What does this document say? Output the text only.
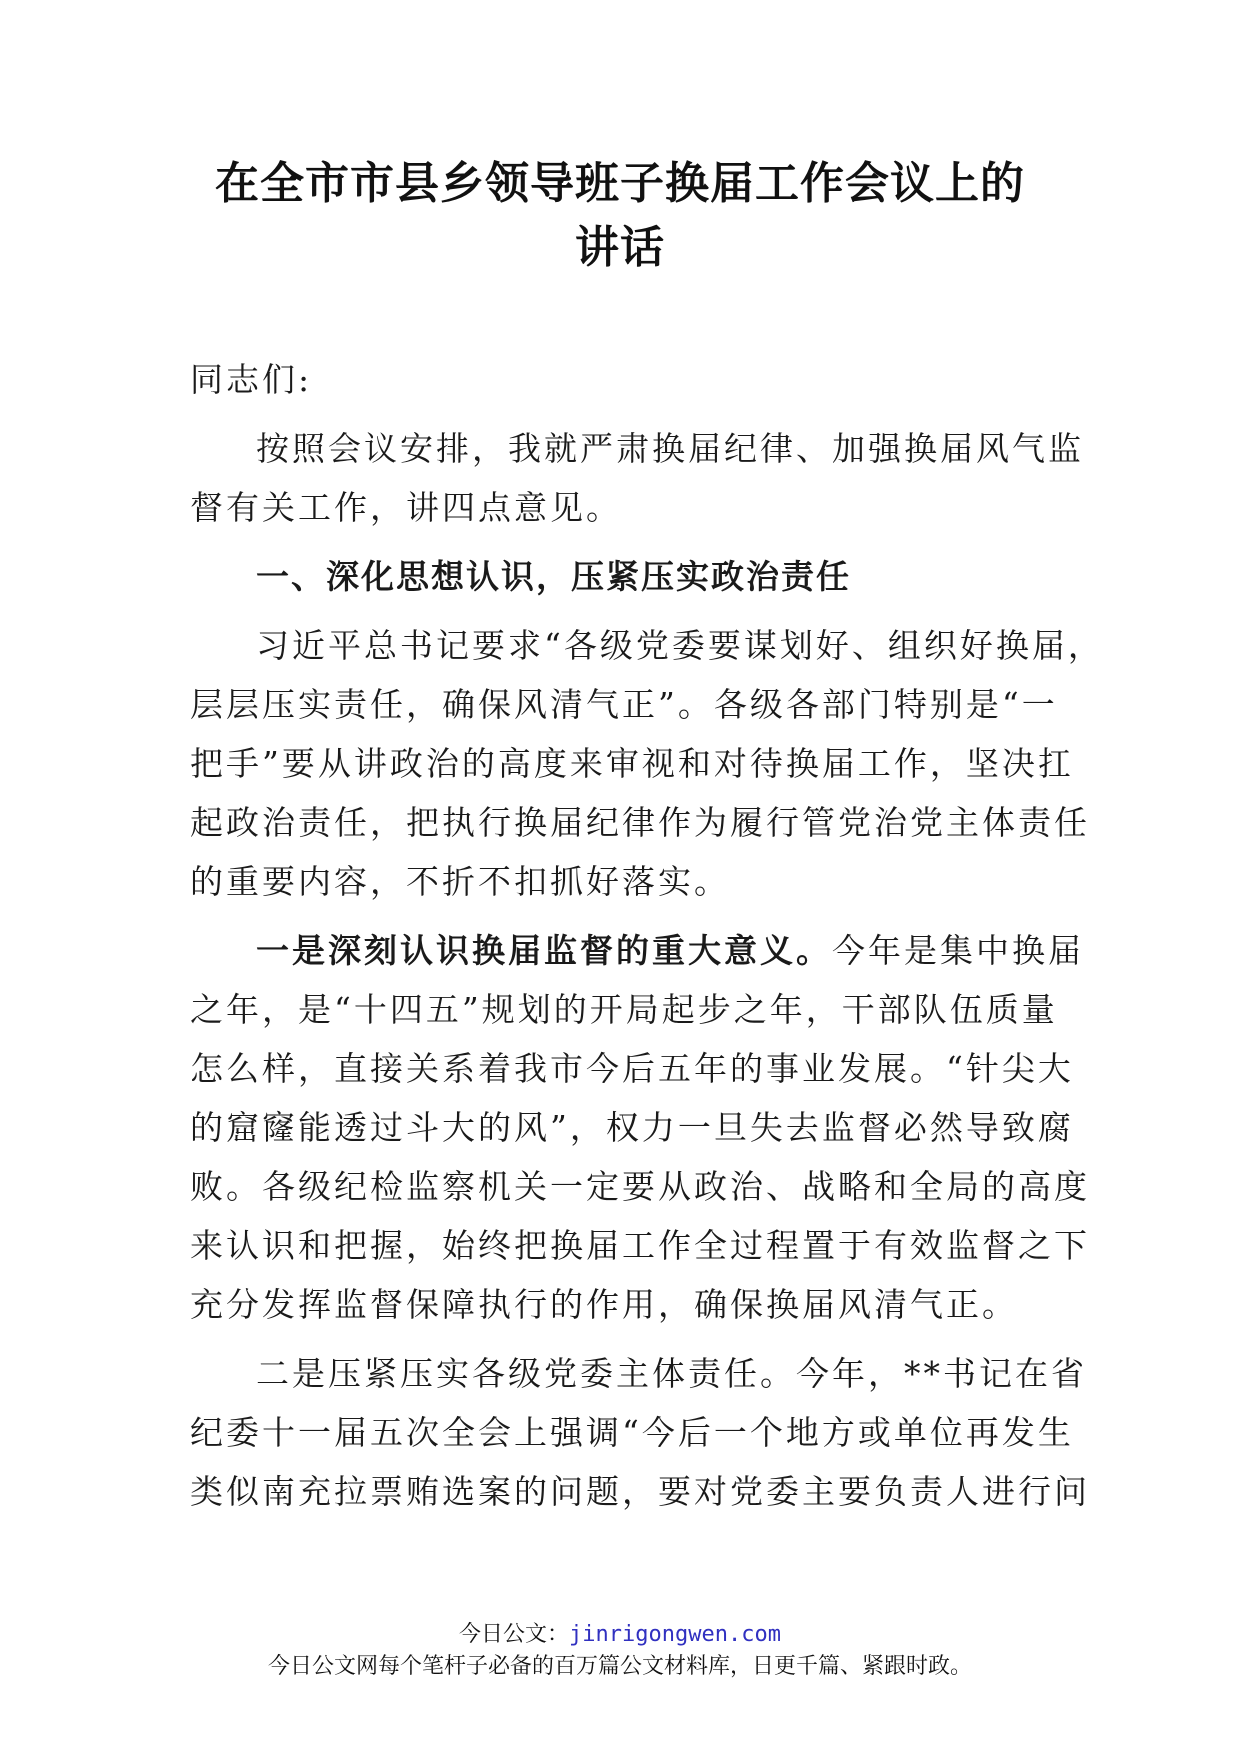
在全市市县乡领导班子换届工作会议上的
讲话
同志们:
按照会议安排，我就严肃换届纪律、加强换届风气监
督有关工作，讲四点意见。
一、深化思想认识，压紧压实政治责任
习近平总书记要求“各级党委要谋划好、组织好换届，
层层压实责任，确保风清气正”。各级各部门特别是“一
把手”要从讲政治的高度来审视和对待换届工作，坚决扛
起政治责任，把执行换届纪律作为履行管党治党主体责任
的重要内容，不折不扣抓好落实。
一是深刻认识换届监督的重大意义。今年是集中换届
之年，是“十四五”规划的开局起步之年，干部队伍质量
怎么样，直接关系着我市今后五年的事业发展。“针尖大
的窟窿能透过斗大的风”，权力一旦失去监督必然导致腐
败。各级纪检监察机关一定要从政治、战略和全局的高度
来认识和把握，始终把换届工作全过程置于有效监督之下
充分发挥监督保障执行的作用，确保换届风清气正。
二是压紧压实各级党委主体责任。今年，**书记在省
纪委十一届五次全会上强调“今后一个地方或单位再发生
类似南充拉票贿选案的问题，要对党委主要负责人进行问
今日公文：jinrigongwen.com
今日公文网每个笔杆子必备的百万篇公文材料库，日更千篇、紧跟时政。
